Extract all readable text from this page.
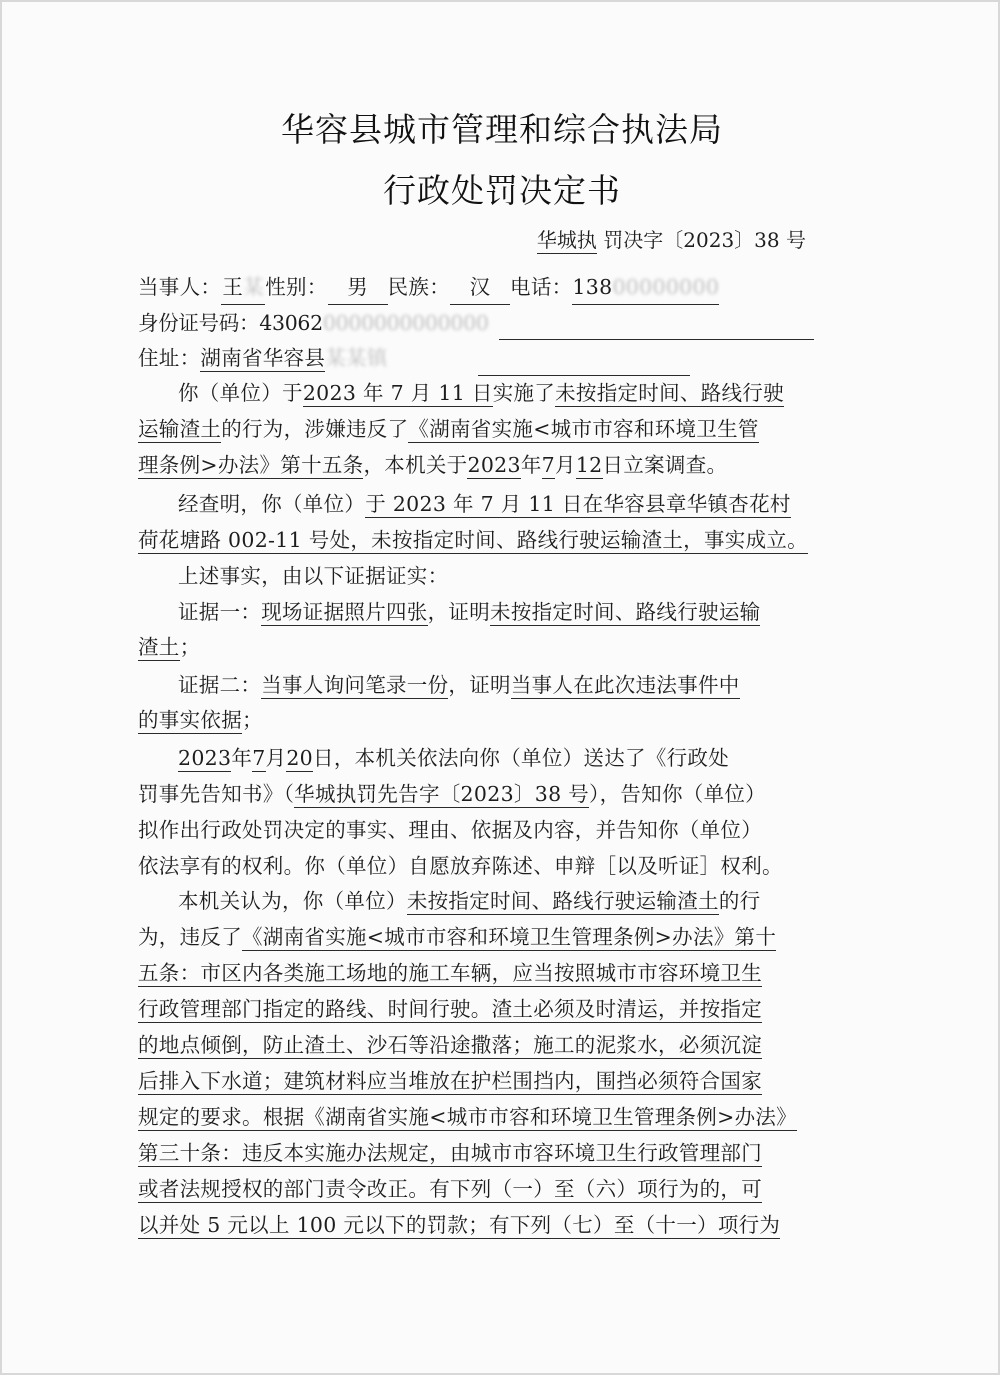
华容县城市管理和综合执法局
行政处罚决定书
华城执 罚决字〔2023〕38 号
当事人：王某性别： 男 民族： 汉 电话：13800000000
身份证号码：430620000000000000
住址：湖南省华容县某某镇
你（单位）于2023 年 7 月 11 日实施了未按指定时间、路线行驶
运输渣土的行为，涉嫌违反了《湖南省实施<城市市容和环境卫生管
理条例>办法》第十五条，本机关于2023年7月12日立案调查。
经查明，你（单位）于 2023 年 7 月 11 日在华容县章华镇杏花村
荷花塘路 002-11 号处，未按指定时间、路线行驶运输渣土，事实成立。
上述事实，由以下证据证实：
证据一：现场证据照片四张，证明未按指定时间、路线行驶运输
渣土；
证据二：当事人询问笔录一份，证明当事人在此次违法事件中
的事实依据；
2023年7月20日，本机关依法向你（单位）送达了《行政处
罚事先告知书》（华城执罚先告字〔2023〕38 号），告知你（单位）
拟作出行政处罚决定的事实、理由、依据及内容，并告知你（单位）
依法享有的权利。你（单位）自愿放弃陈述、申辩［以及听证］权利。
本机关认为，你（单位）未按指定时间、路线行驶运输渣土的行
为，违反了《湖南省实施<城市市容和环境卫生管理条例>办法》第十
五条：市区内各类施工场地的施工车辆，应当按照城市市容环境卫生
行政管理部门指定的路线、时间行驶。渣土必须及时清运，并按指定
的地点倾倒，防止渣土、沙石等沿途撒落；施工的泥浆水，必须沉淀
后排入下水道；建筑材料应当堆放在护栏围挡内，围挡必须符合国家
规定的要求。根据《湖南省实施<城市市容和环境卫生管理条例>办法》
第三十条：违反本实施办法规定，由城市市容环境卫生行政管理部门
或者法规授权的部门责令改正。有下列（一）至（六）项行为的，可
以并处 5 元以上 100 元以下的罚款；有下列（七）至（十一）项行为
